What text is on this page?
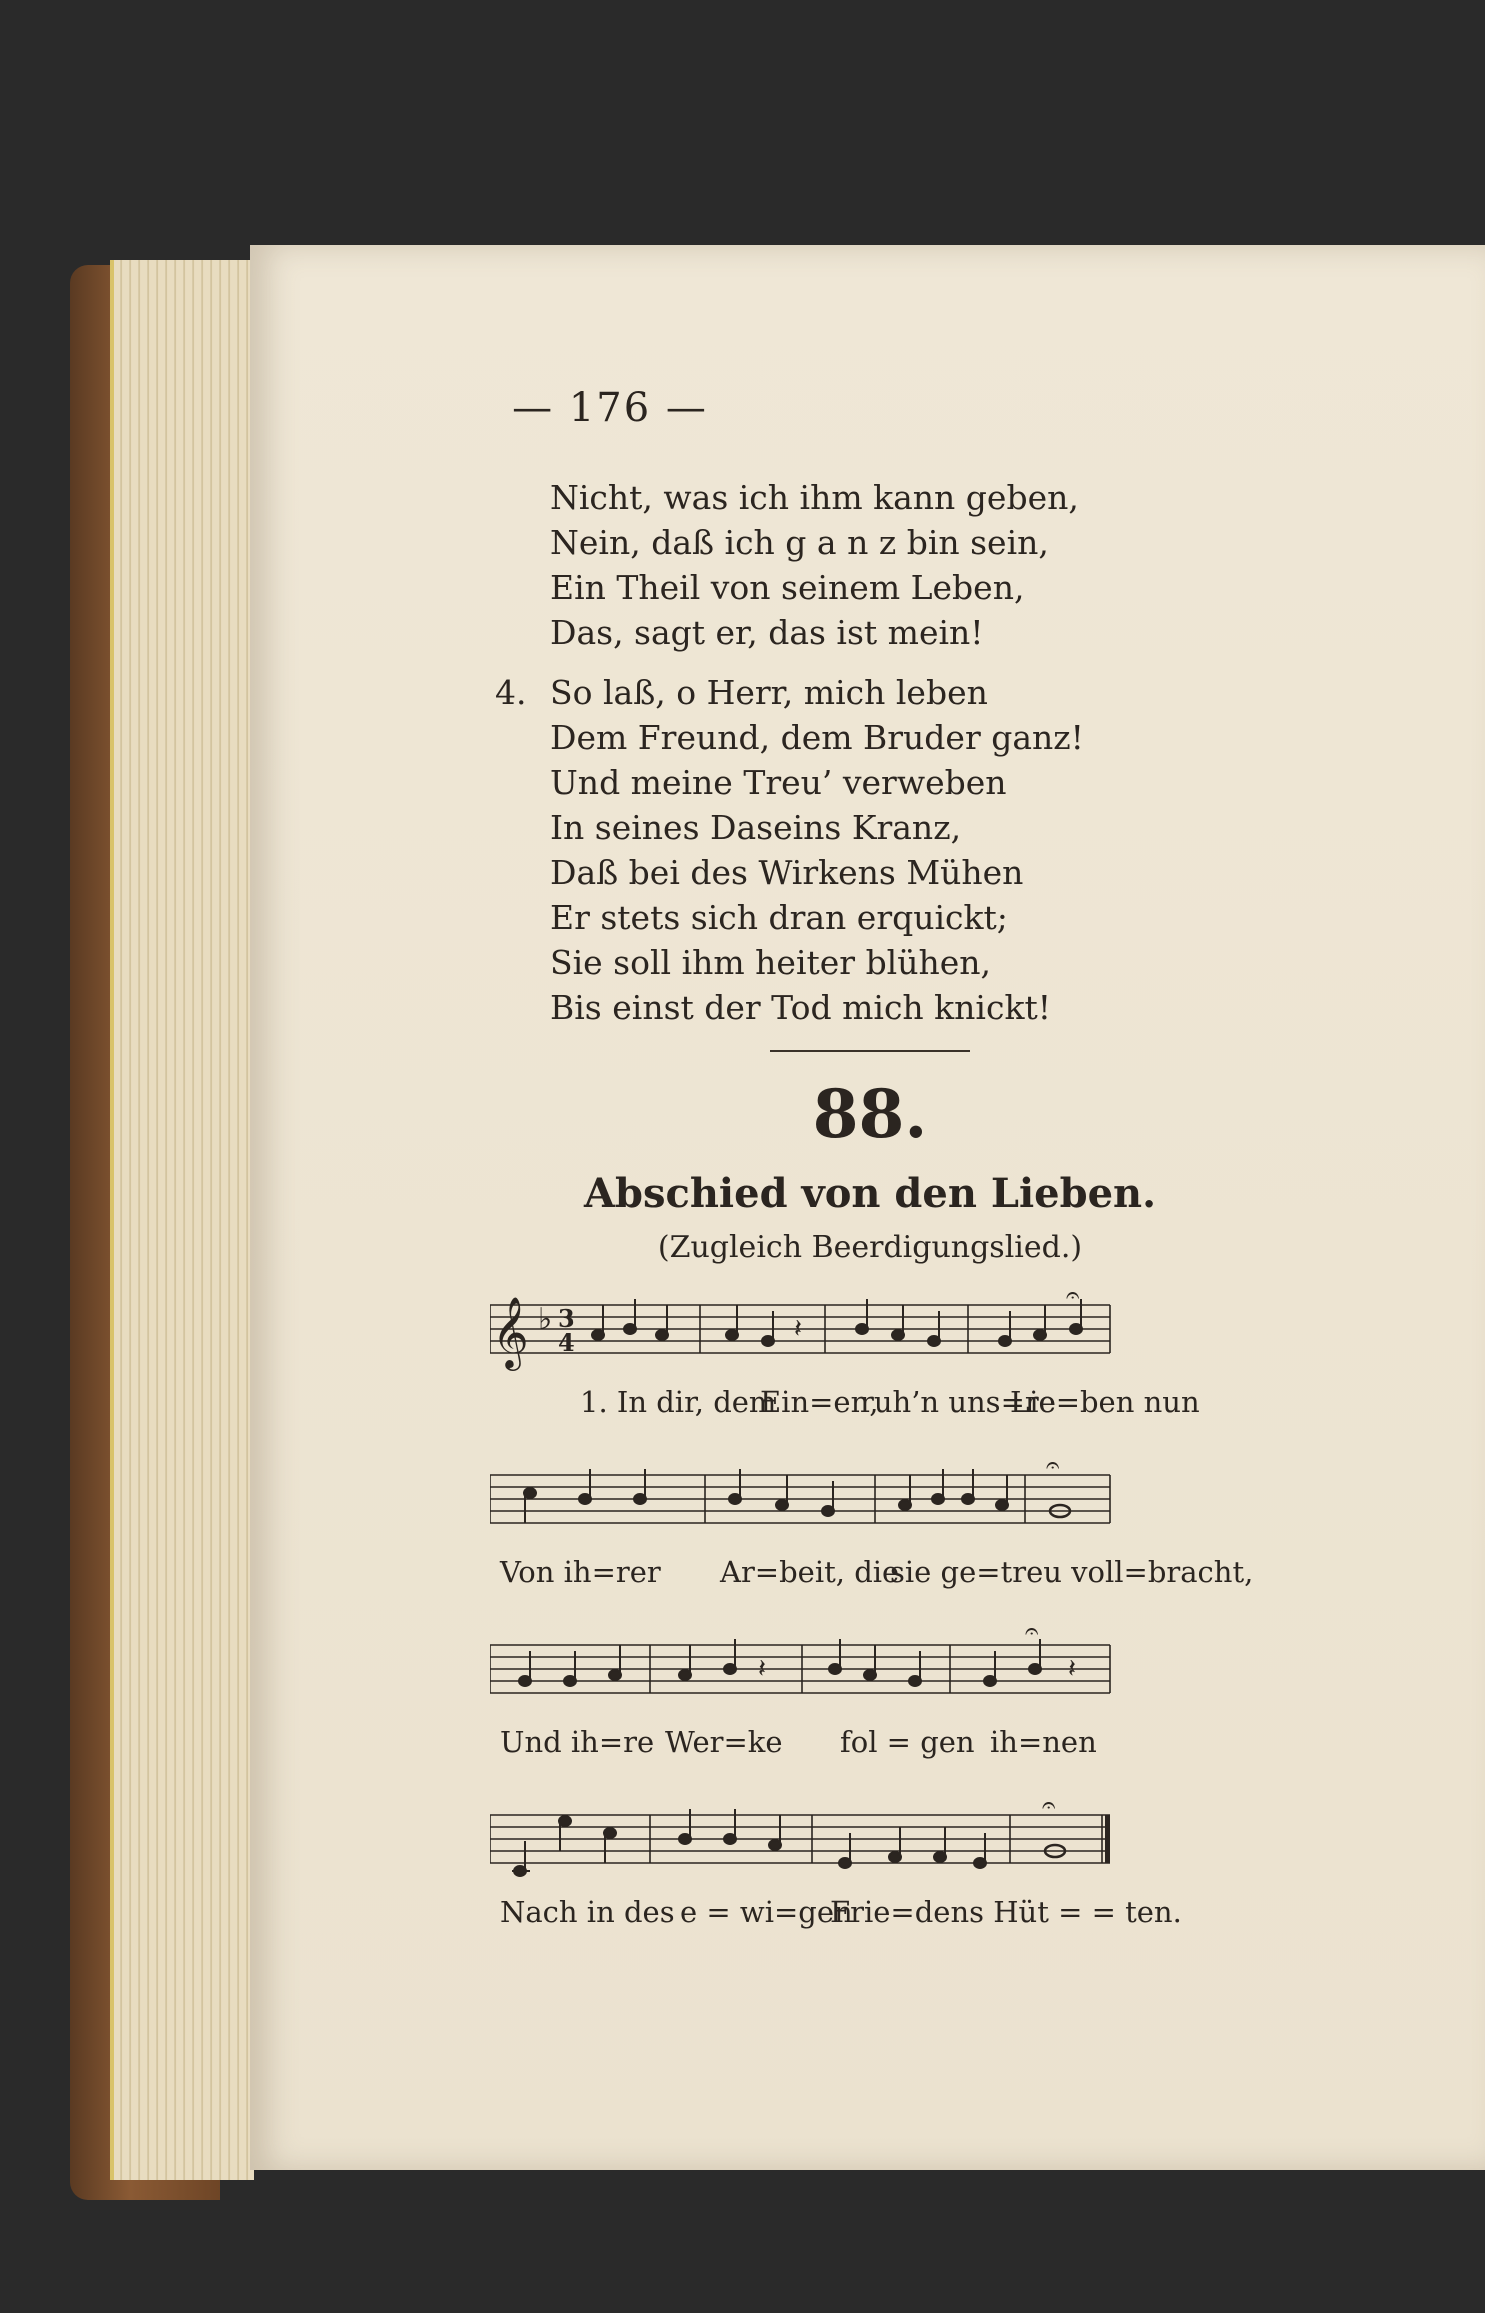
— 176 —
Nicht, was ich ihm kann geben,
Nein, daß ich g a n z bin sein,
Ein Theil von seinem Leben,
Das, sagt er, das ist mein!
4. So laß, o Herr, mich leben
Dem Freund, dem Bruder ganz!
Und meine Treu’ verweben
In seines Daseins Kranz,
Daß bei des Wirkens Mühen
Er stets sich dran erquickt;
Sie soll ihm heiter blühen,
Bis einst der Tod mich knickt!
88.
Abschied von den Lieben.
(Zugleich Beerdigungslied.)
𝄞 ♭ 3
4	𝄽
𝄐
1. In dir, dem
Ein=en,
ruh’n uns=re
Lie=ben nun
𝄐
Von ih=rer Ar=beit, die
sie ge=treu voll=bracht,
𝄽	𝄽
𝄐
Und ih=re Wer=ke fol = gen ih=nen
𝄐
Nach in des e = wi=gen
Frie=dens Hüt = = ten.
